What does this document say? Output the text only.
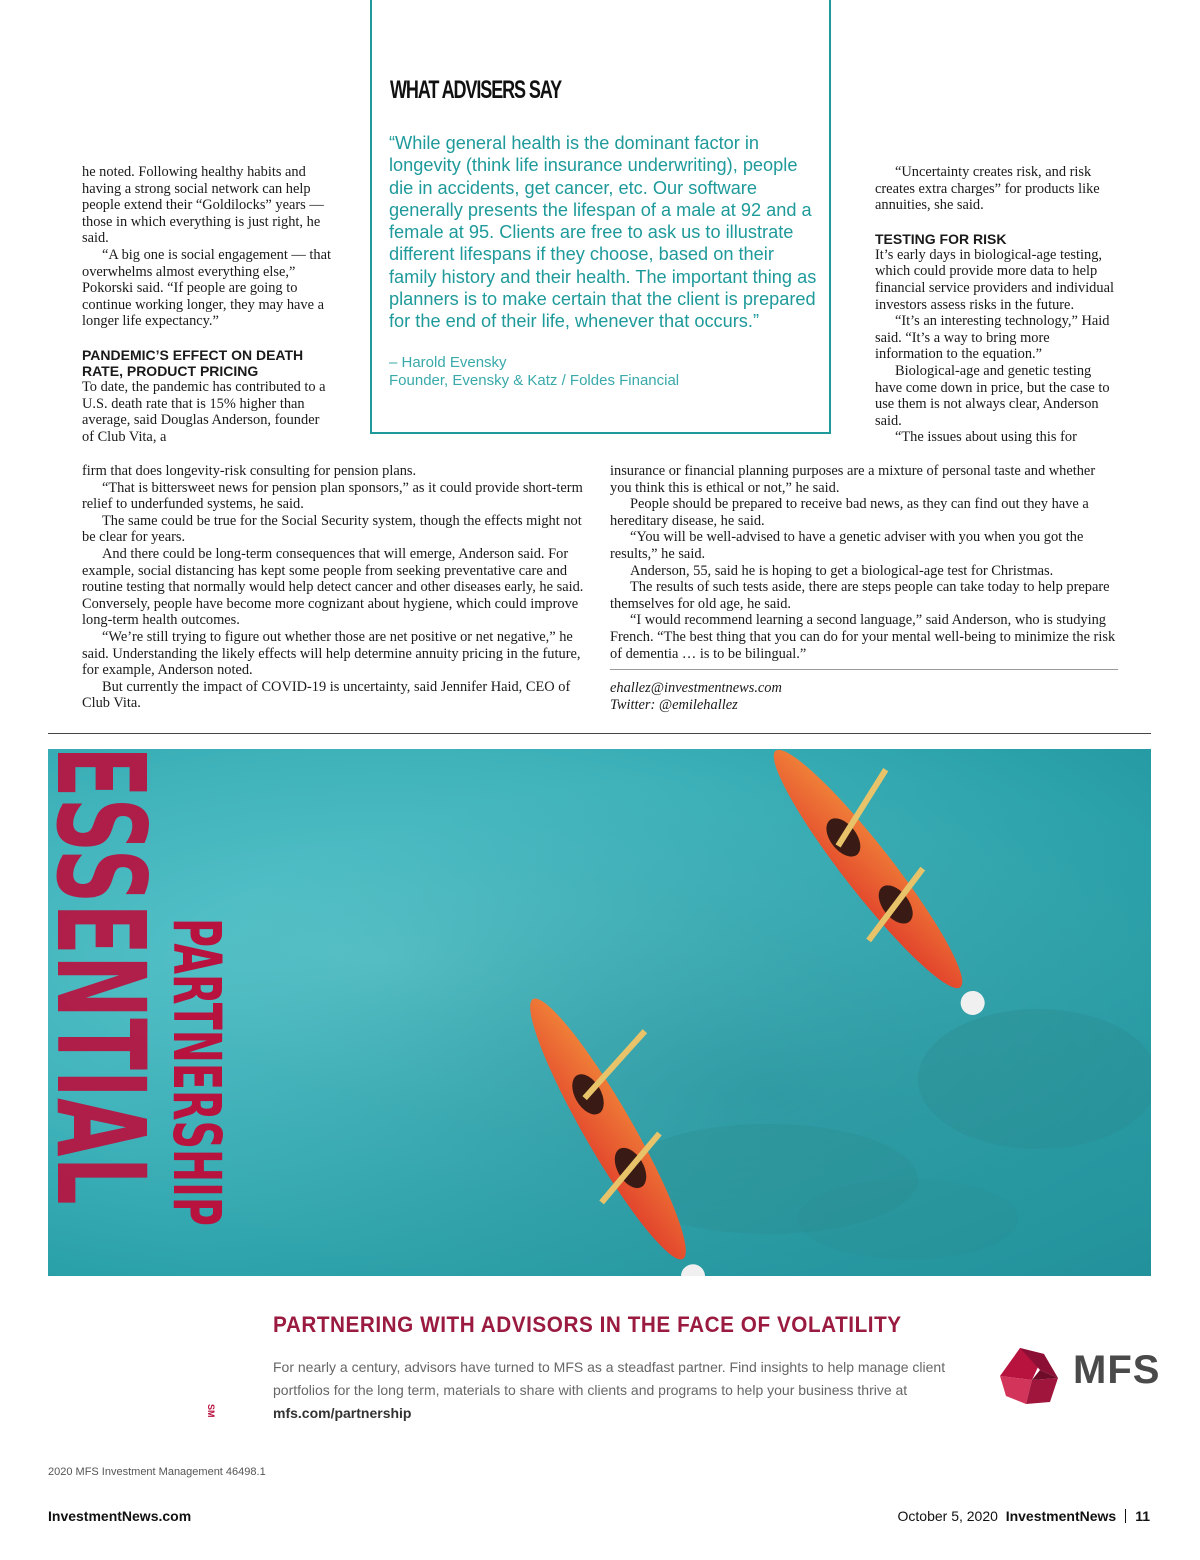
he noted. Following healthy habits and having a strong social network can help people extend their “Goldilocks” years — those in which everything is just right, he said.

“A big one is social engagement — that overwhelms almost everything else,” Pokorski said. “If people are going to continue working longer, they may have a longer life expectancy.”

PANDEMIC’S EFFECT ON DEATH RATE, PRODUCT PRICING

To date, the pandemic has contributed to a U.S. death rate that is 15% higher than average, said Douglas Anderson, founder of Club Vita, a

firm that does longevity-risk consulting for pension plans.

“That is bittersweet news for pension plan sponsors,” as it could provide short-term relief to underfunded systems, he said.

The same could be true for the Social Security system, though the effects might not be clear for years.

And there could be long-term consequences that will emerge, Anderson said. For example, social distancing has kept some people from seeking preventative care and routine testing that normally would help detect cancer and other diseases early, he said. Conversely, people have become more cognizant about hygiene, which could improve long-term health outcomes.

“We’re still trying to figure out whether those are net positive or net negative,” he said. Understanding the likely effects will help determine annuity pricing in the future, for example, Anderson noted.

But currently the impact of COVID-19 is uncertainty, said Jennifer Haid, CEO of Club Vita.

WHAT ADVISERS SAY
“While general health is the dominant factor in longevity (think life insurance underwriting), people die in accidents, get cancer, etc. Our software generally presents the lifespan of a male at 92 and a female at 95. Clients are free to ask us to illustrate different lifespans if they choose, based on their family history and their health. The important thing as planners is to make certain that the client is prepared for the end of their life, whenever that occurs.”
– Harold Evensky
Founder, Evensky & Katz / Foldes Financial

“Uncertainty creates risk, and risk creates extra charges” for products like annuities, she said.

TESTING FOR RISK

It’s early days in biological-age testing, which could provide more data to help financial service providers and individual investors assess risks in the future.

“It’s an interesting technology,” Haid said. “It’s a way to bring more information to the equation.”

Biological-age and genetic testing have come down in price, but the case to use them is not always clear, Anderson said.

“The issues about using this for

insurance or financial planning purposes are a mixture of personal taste and whether you think this is ethical or not,” he said.

People should be prepared to receive bad news, as they can find out they have a hereditary disease, he said.

“You will be well-advised to have a genetic adviser with you when you got the results,” he said.

Anderson, 55, said he is hoping to get a biological-age test for Christmas.

The results of such tests aside, there are steps people can take today to help prepare themselves for old age, he said.

“I would recommend learning a second language,” said Anderson, who is studying French. “The best thing that you can do for your mental well-being to minimize the risk of dementia … is to be bilingual.”

ehallez@investmentnews.com
Twitter: @emilehallez
ESSENTIAL
PARTNERSHIP
SM
PARTNERING WITH ADVISORS IN THE FACE OF VOLATILITY
For nearly a century, advisors have turned to MFS as a steadfast partner. Find insights to help manage client portfolios for the long term, materials to share with clients and programs to help your business thrive at mfs.com/partnership
MFS
2020 MFS Investment Management 46498.1
InvestmentNews.com	October 5, 2020 InvestmentNews 11
